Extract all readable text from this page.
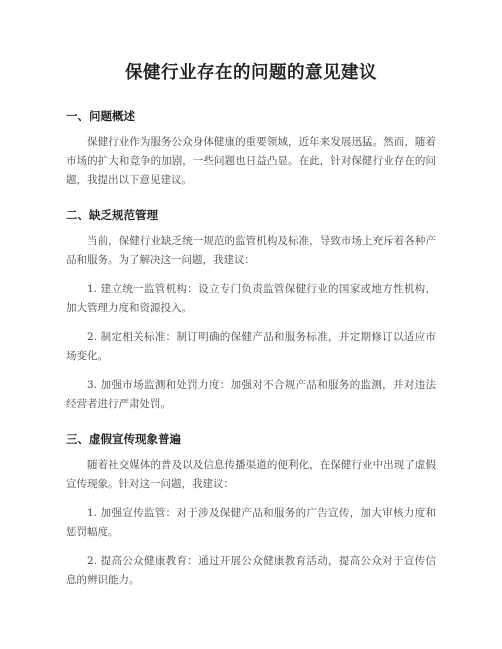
保健行业存在的问题的意见建议
一、问题概述

保健行业作为服务公众身体健康的重要领域，近年来发展迅猛。然而，随着市场的扩大和竞争的加剧，一些问题也日益凸显。在此，针对保健行业存在的问题，我提出以下意见建议。

二、缺乏规范管理

当前，保健行业缺乏统一规范的监管机构及标准，导致市场上充斥着各种产品和服务。为了解决这一问题，我建议：

1. 建立统一监管机构：设立专门负责监管保健行业的国家或地方性机构，加大管理力度和资源投入。

2. 制定相关标准：制订明确的保健产品和服务标准，并定期修订以适应市场变化。

3. 加强市场监测和处罚力度：加强对不合规产品和服务的监测，并对违法经营者进行严肃处罚。

三、虚假宣传现象普遍

随着社交媒体的普及以及信息传播渠道的便利化，在保健行业中出现了虚假宣传现象。针对这一问题，我建议：

1. 加强宣传监管：对于涉及保健产品和服务的广告宣传，加大审核力度和惩罚幅度。

2. 提高公众健康教育：通过开展公众健康教育活动，提高公众对于宣传信息的辨识能力。
